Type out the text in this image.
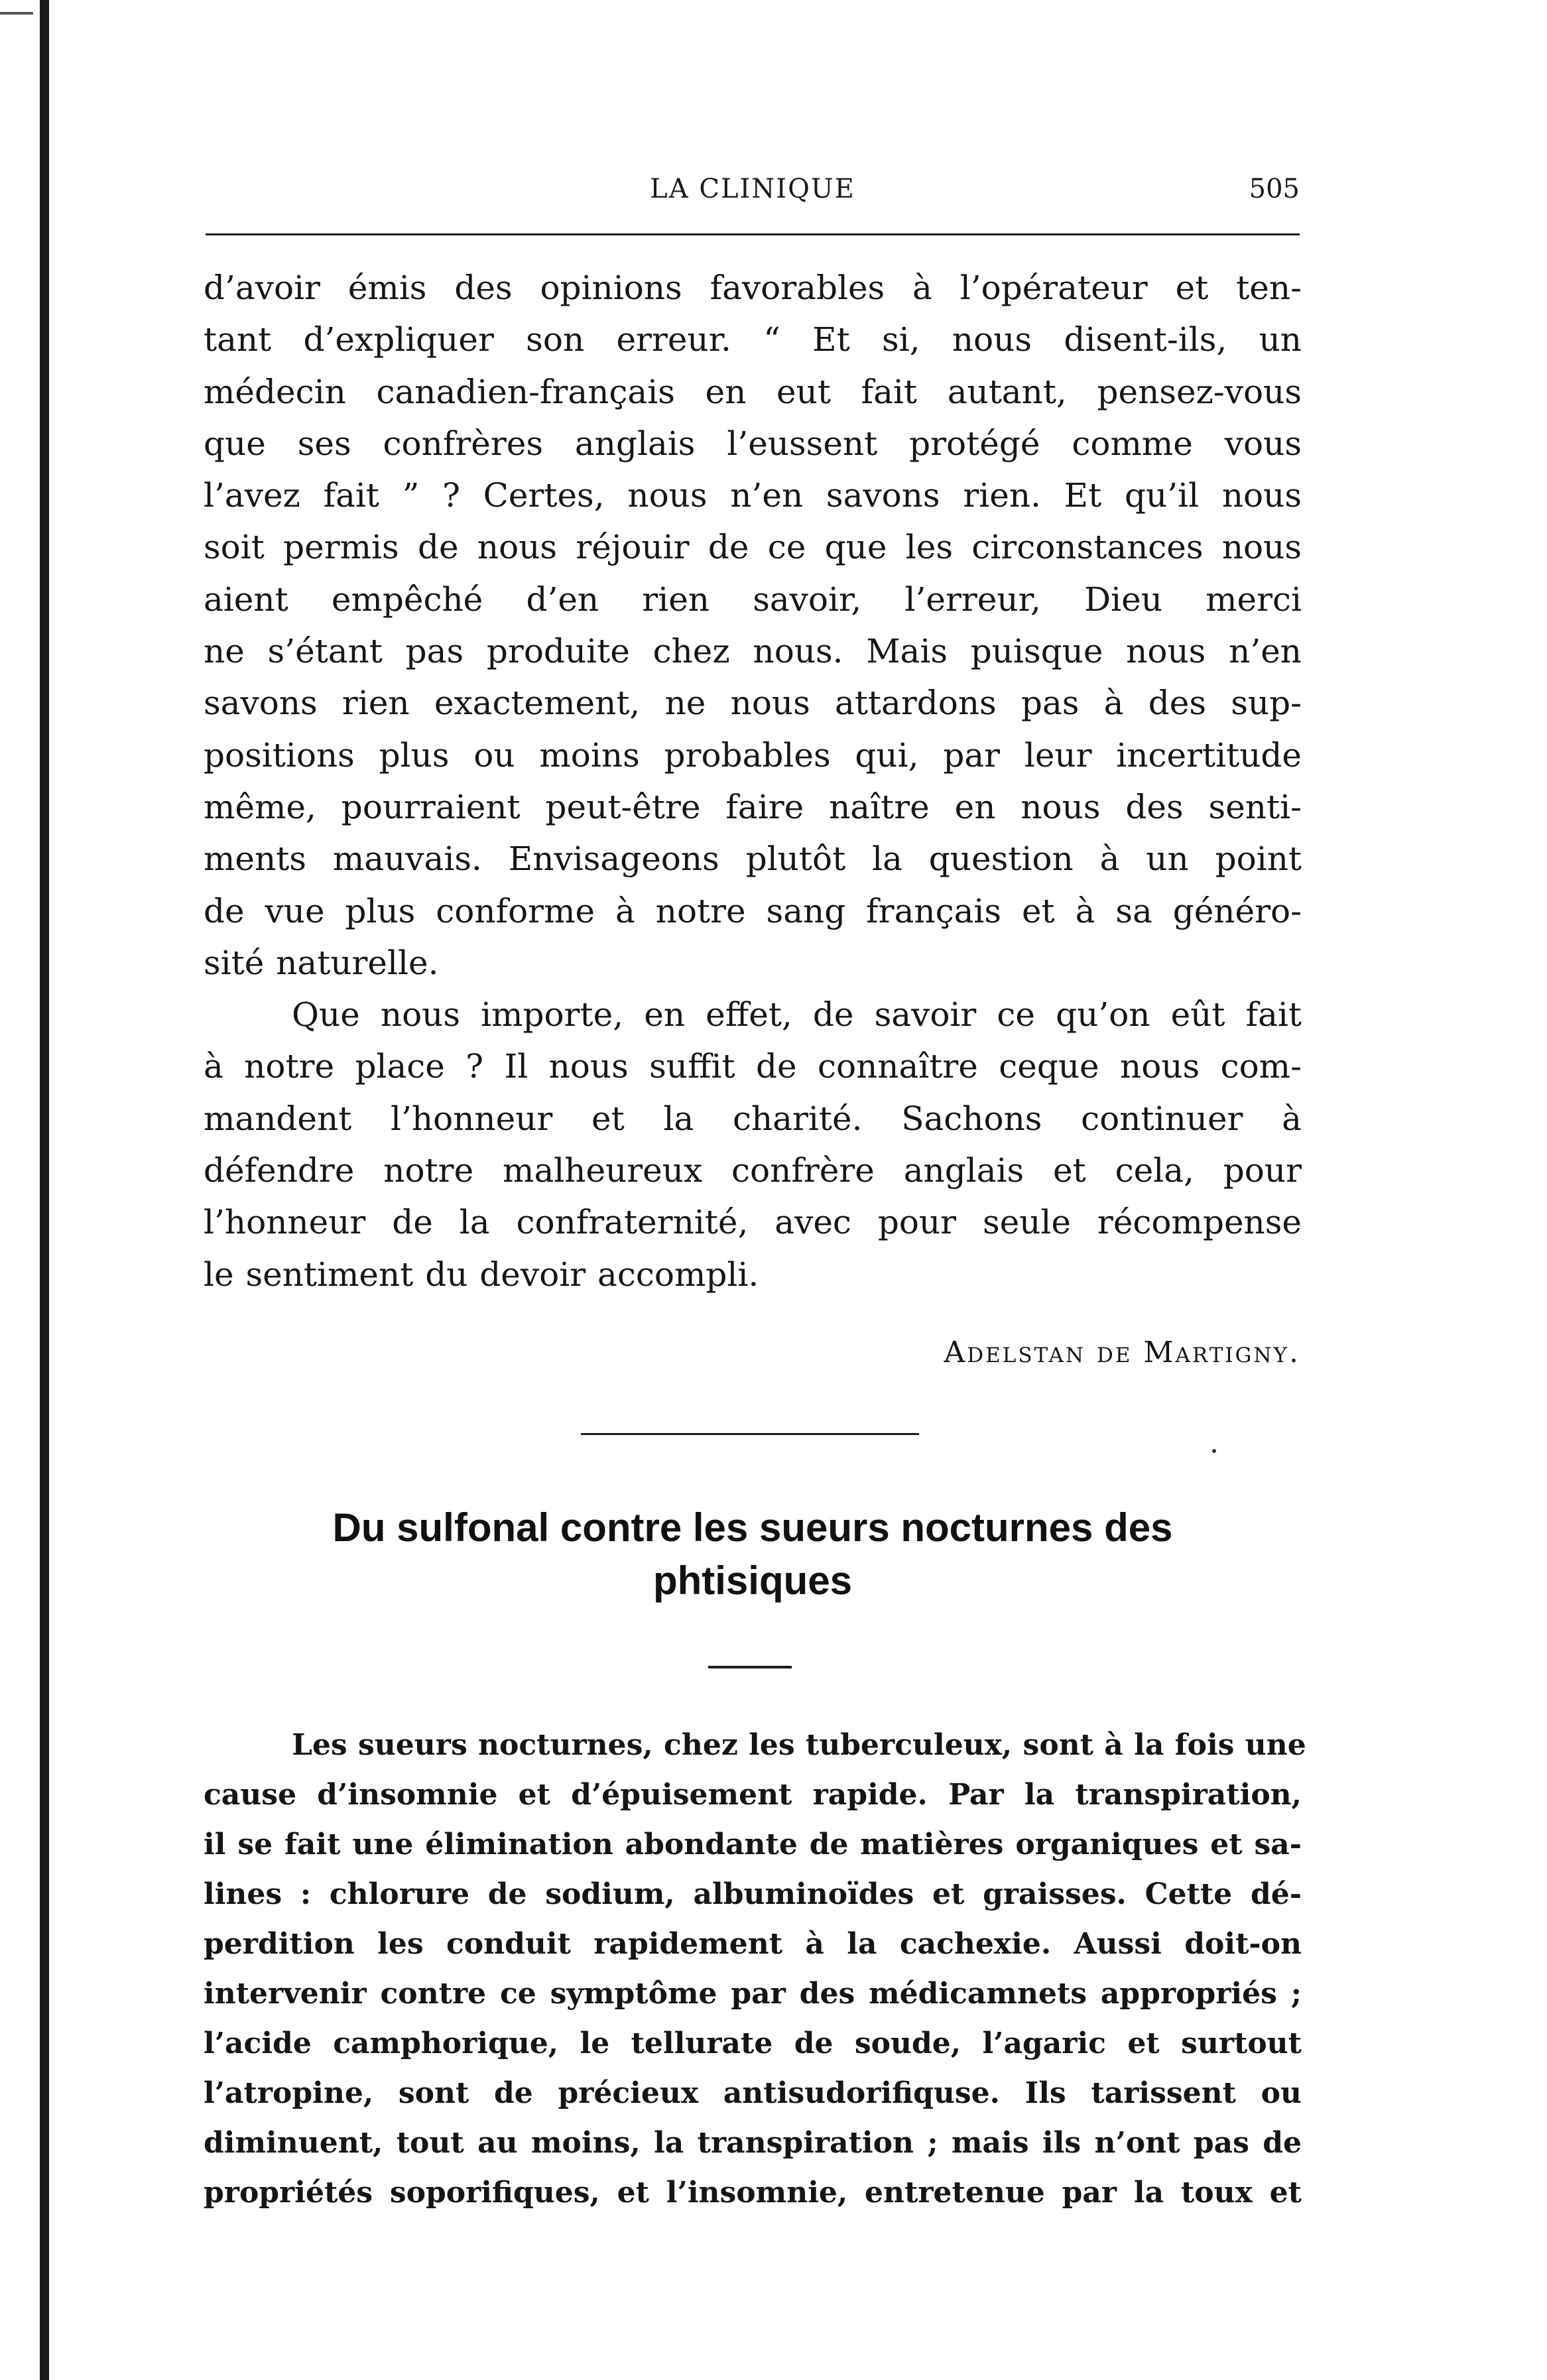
LA CLINIQUE	505
d’avoir émis des opinions favorables à l’opérateur et ten-
tant d’expliquer son erreur. “ Et si, nous disent-ils, un
médecin canadien-français en eut fait autant, pensez-vous
que ses confrères anglais l’eussent protégé comme vous
l’avez fait ” ? Certes, nous n’en savons rien. Et qu’il nous
soit permis de nous réjouir de ce que les circonstances nous
aient empêché d’en rien savoir, l’erreur, Dieu merci
ne s’étant pas produite chez nous. Mais puisque nous n’en
savons rien exactement, ne nous attardons pas à des sup-
positions plus ou moins probables qui, par leur incertitude
même, pourraient peut-être faire naître en nous des senti-
ments mauvais. Envisageons plutôt la question à un point
de vue plus conforme à notre sang français et à sa généro-
sité naturelle.
Que nous importe, en effet, de savoir ce qu’on eût fait
à notre place ? Il nous suffit de connaître ceque nous com-
mandent l’honneur et la charité. Sachons continuer à
défendre notre malheureux confrère anglais et cela, pour
l’honneur de la confraternité, avec pour seule récompense
le sentiment du devoir accompli.
Adelstan de Martigny.
Du sulfonal contre les sueurs nocturnes des
phtisiques
Les sueurs nocturnes, chez les tuberculeux, sont à la fois une
cause d’insomnie et d’épuisement rapide. Par la transpiration,
il se fait une élimination abondante de matières organiques et sa-
lines : chlorure de sodium, albuminoïdes et graisses. Cette dé-
perdition les conduit rapidement à la cachexie. Aussi doit-on
intervenir contre ce symptôme par des médicamnets appropriés ;
l’acide camphorique, le tellurate de soude, l’agaric et surtout
l’atropine, sont de précieux antisudorifiquse. Ils tarissent ou
diminuent, tout au moins, la transpiration ; mais ils n’ont pas de
propriétés soporifiques, et l’insomnie, entretenue par la toux et
